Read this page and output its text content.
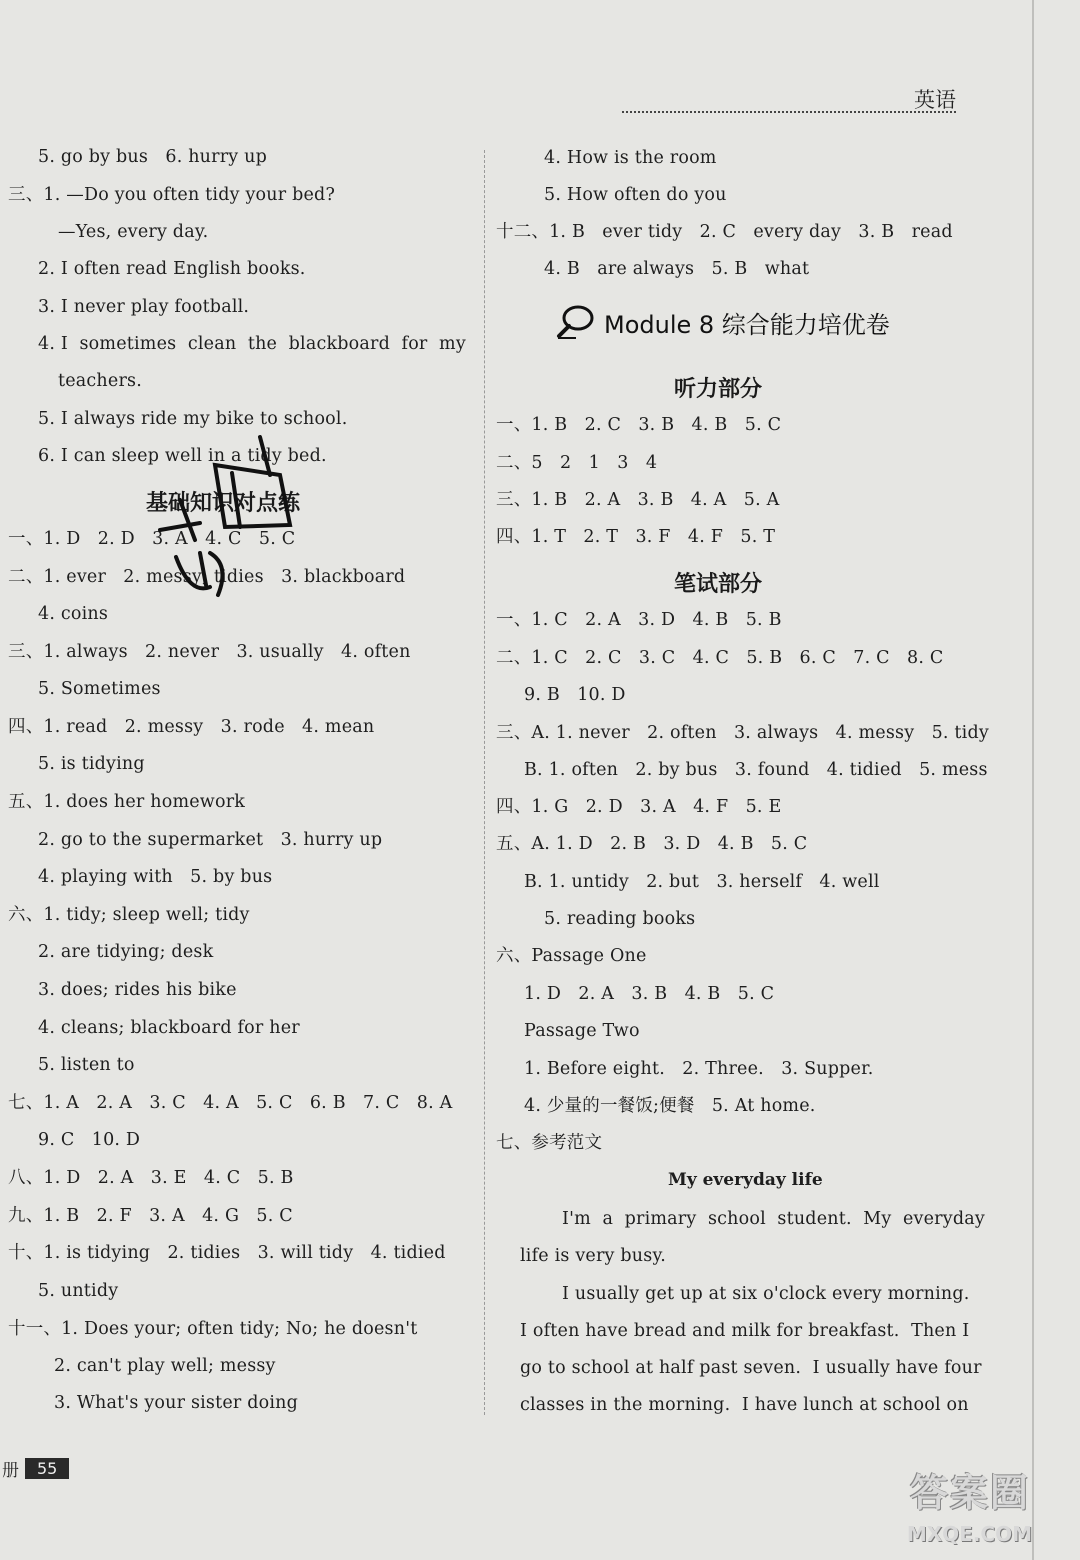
英语
5. go by bus   6. hurry up
三、1. —Do you often tidy your bed?
—Yes, every day.
2. I often read English books.
3. I never play football.
4. I  sometimes  clean  the  blackboard  for  my
teachers.
5. I always ride my bike to school.
6. I can sleep well in a tidy bed.
一、1. D   2. D   3. A   4. C   5. C
二、1. ever   2. messy; tidies   3. blackboard
4. coins
三、1. always   2. never   3. usually   4. often
5. Sometimes
四、1. read   2. messy   3. rode   4. mean
5. is tidying
五、1. does her homework
2. go to the supermarket   3. hurry up
4. playing with   5. by bus
六、1. tidy; sleep well; tidy
2. are tidying; desk
3. does; rides his bike
4. cleans; blackboard for her
5. listen to
七、1. A   2. A   3. C   4. A   5. C   6. B   7. C   8. A
9. C   10. D
八、1. D   2. A   3. E   4. C   5. B
九、1. B   2. F   3. A   4. G   5. C
十、1. is tidying   2. tidies   3. will tidy   4. tidied
5. untidy
十一、1. Does your; often tidy; No; he doesn't
2. can't play well; messy
3. What's your sister doing
基础知识对点练
4. How is the room
5. How often do you
十二、1. B   ever tidy   2. C   every day   3. B   read
4. B   are always   5. B   what
一、1. B   2. C   3. B   4. B   5. C
二、5   2   1   3   4
三、1. B   2. A   3. B   4. A   5. A
四、1. T   2. T   3. F   4. F   5. T
一、1. C   2. A   3. D   4. B   5. B
二、1. C   2. C   3. C   4. C   5. B   6. C   7. C   8. C
9. B   10. D
三、A. 1. never   2. often   3. always   4. messy   5. tidy
B. 1. often   2. by bus   3. found   4. tidied   5. mess
四、1. G   2. D   3. A   4. F   5. E
五、A. 1. D   2. B   3. D   4. B   5. C
B. 1. untidy   2. but   3. herself   4. well
5. reading books
六、Passage One
1. D   2. A   3. B   4. B   5. C
Passage Two
1. Before eight.   2. Three.   3. Supper.
4. 少量的一餐饭;便餐   5. At home.
七、参考范文
I'm  a  primary  school  student.  My  everyday
life is very busy.
I usually get up at six o'clock every morning.
I often have bread and milk for breakfast.  Then I
go to school at half past seven.  I usually have four
classes in the morning.  I have lunch at school on
Module 8 综合能力培优卷
听力部分
笔试部分
My everyday life
册	55
答案圈
MXQE.COM
